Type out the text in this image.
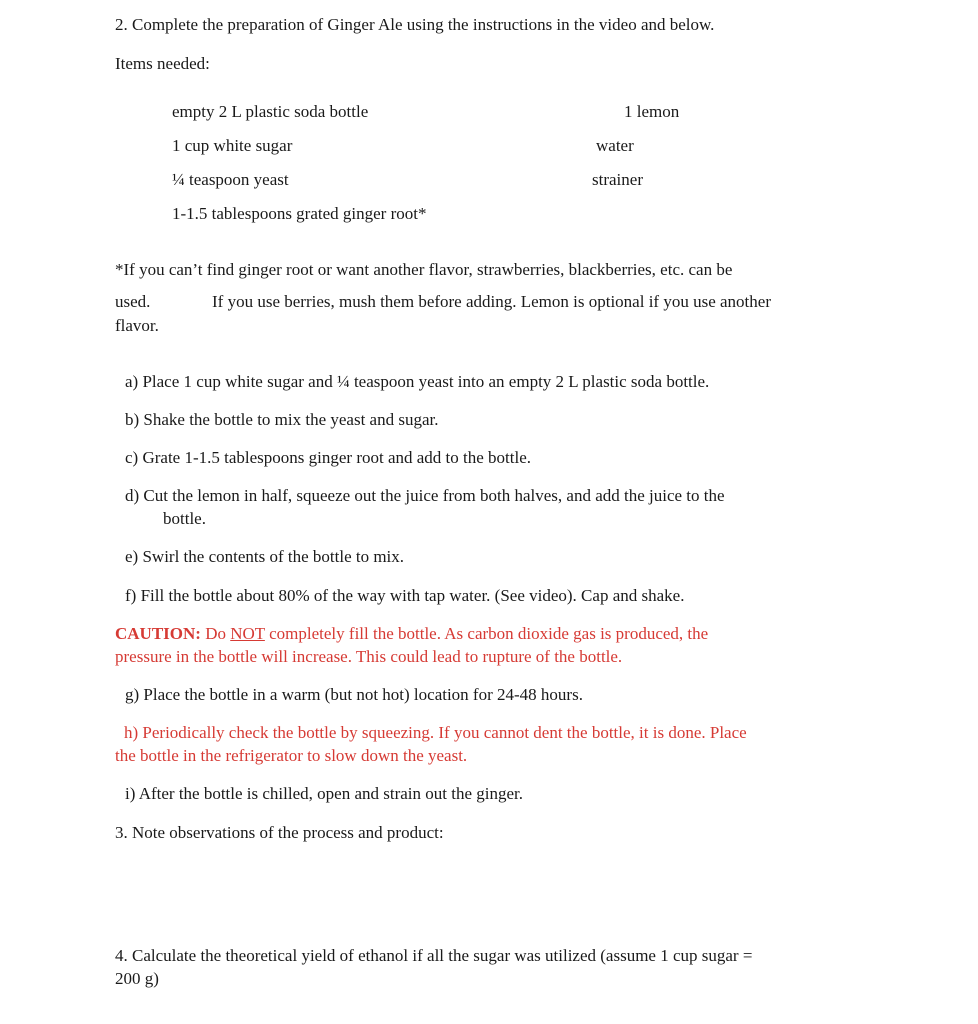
2. Complete the preparation of Ginger Ale using the instructions in the video and below.
Items needed:
empty 2 L plastic soda bottle
1 cup white sugar
¼ teaspoon yeast
1-1.5 tablespoons grated ginger root*
1 lemon
water
strainer
*If you can’t find ginger root or want another flavor, strawberries, blackberries, etc. can be
used.	If you use berries, mush them before adding. Lemon is optional if you use another
flavor.
a) Place 1 cup white sugar and ¼ teaspoon yeast into an empty 2 L plastic soda bottle.
b) Shake the bottle to mix the yeast and sugar.
c) Grate 1-1.5 tablespoons ginger root and add to the bottle.
d) Cut the lemon in half, squeeze out the juice from both halves, and add the juice to the
bottle.
e) Swirl the contents of the bottle to mix.
f) Fill the bottle about 80% of the way with tap water. (See video). Cap and shake.
CAUTION: Do NOT completely fill the bottle. As carbon dioxide gas is produced, the
pressure in the bottle will increase. This could lead to rupture of the bottle.
g) Place the bottle in a warm (but not hot) location for 24-48 hours.
h) Periodically check the bottle by squeezing. If you cannot dent the bottle, it is done. Place
the bottle in the refrigerator to slow down the yeast.
i) After the bottle is chilled, open and strain out the ginger.
3. Note observations of the process and product:
4. Calculate the theoretical yield of ethanol if all the sugar was utilized (assume 1 cup sugar =
200 g)
